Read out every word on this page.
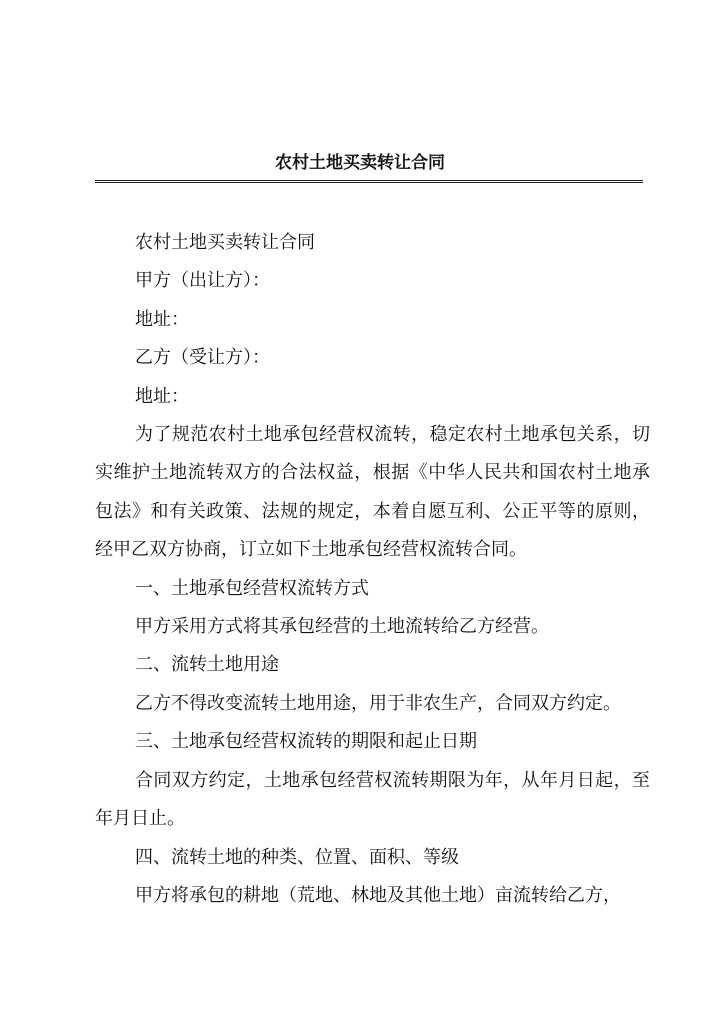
农村土地买卖转让合同

农村土地买卖转让合同

甲方（出让方）：

地址：

乙方（受让方）：

地址：

为了规范农村土地承包经营权流转，稳定农村土地承包关系，切实维护土地流转双方的合法权益，根据《中华人民共和国农村土地承包法》和有关政策、法规的规定，本着自愿互利、公正平等的原则，经甲乙双方协商，订立如下土地承包经营权流转合同。

一、土地承包经营权流转方式

甲方采用方式将其承包经营的土地流转给乙方经营。

二、流转土地用途

乙方不得改变流转土地用途，用于非农生产，合同双方约定。

三、土地承包经营权流转的期限和起止日期

合同双方约定，土地承包经营权流转期限为年，从年月日起，至年月日止。

四、流转土地的种类、位置、面积、等级

甲方将承包的耕地（荒地、林地及其他土地）亩流转给乙方，
